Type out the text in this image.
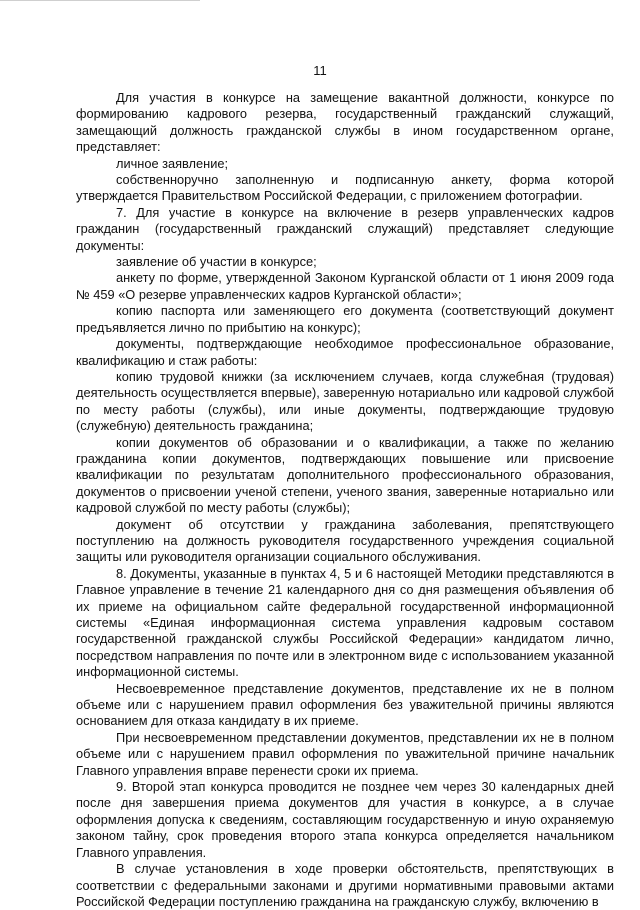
11

Для участия в конкурсе на замещение вакантной должности, конкурсе по формированию кадрового резерва, государственный гражданский служащий, замещающий должность гражданской службы в ином государственном органе, представляет:

личное заявление;

собственноручно заполненную и подписанную анкету, форма которой утверждается Правительством Российской Федерации, с приложением фотографии.

7. Для участие в конкурсе на включение в резерв управленческих кадров гражданин (государственный гражданский служащий) представляет следующие документы:

заявление об участии в конкурсе;

анкету по форме, утвержденной Законом Курганской области от 1 июня 2009 года № 459 «О резерве управленческих кадров Курганской области»;

копию паспорта или заменяющего его документа (соответствующий документ предъявляется лично по прибытию на конкурс);

документы, подтверждающие необходимое профессиональное образование, квалификацию и стаж работы:

копию трудовой книжки (за исключением случаев, когда служебная (трудовая) деятельность осуществляется впервые), заверенную нотариально или кадровой службой по месту работы (службы), или иные документы, подтверждающие трудовую (служебную) деятельность гражданина;

копии документов об образовании и о квалификации, а также по желанию гражданина копии документов, подтверждающих повышение или присвоение квалификации по результатам дополнительного профессионального образования, документов о присвоении ученой степени, ученого звания, заверенные нотариально или кадровой службой по месту работы (службы);

документ об отсутствии у гражданина заболевания, препятствующего поступлению на должность руководителя государственного учреждения социальной защиты или руководителя организации социального обслуживания.

8. Документы, указанные в пунктах 4, 5 и 6 настоящей Методики представляются в Главное управление в течение 21 календарного дня со дня размещения объявления об их приеме на официальном сайте федеральной государственной информационной системы «Единая информационная система управления кадровым составом государственной гражданской службы Российской Федерации» кандидатом лично, посредством направления по почте или в электронном виде с использованием указанной информационной системы.

Несвоевременное представление документов, представление их не в полном объеме или с нарушением правил оформления без уважительной причины являются основанием для отказа кандидату в их приеме.

При несвоевременном представлении документов, представлении их не в полном объеме или с нарушением правил оформления по уважительной причине начальник Главного управления вправе перенести сроки их приема.

9. Второй этап конкурса проводится не позднее чем через 30 календарных дней после дня завершения приема документов для участия в конкурсе, а в случае оформления допуска к сведениям, составляющим государственную и иную охраняемую законом тайну, срок проведения второго этапа конкурса определяется начальником Главного управления.

В случае установления в ходе проверки обстоятельств, препятствующих в соответствии с федеральными законами и другими нормативными правовыми актами Российской Федерации поступлению гражданина на гражданскую службу, включению в
